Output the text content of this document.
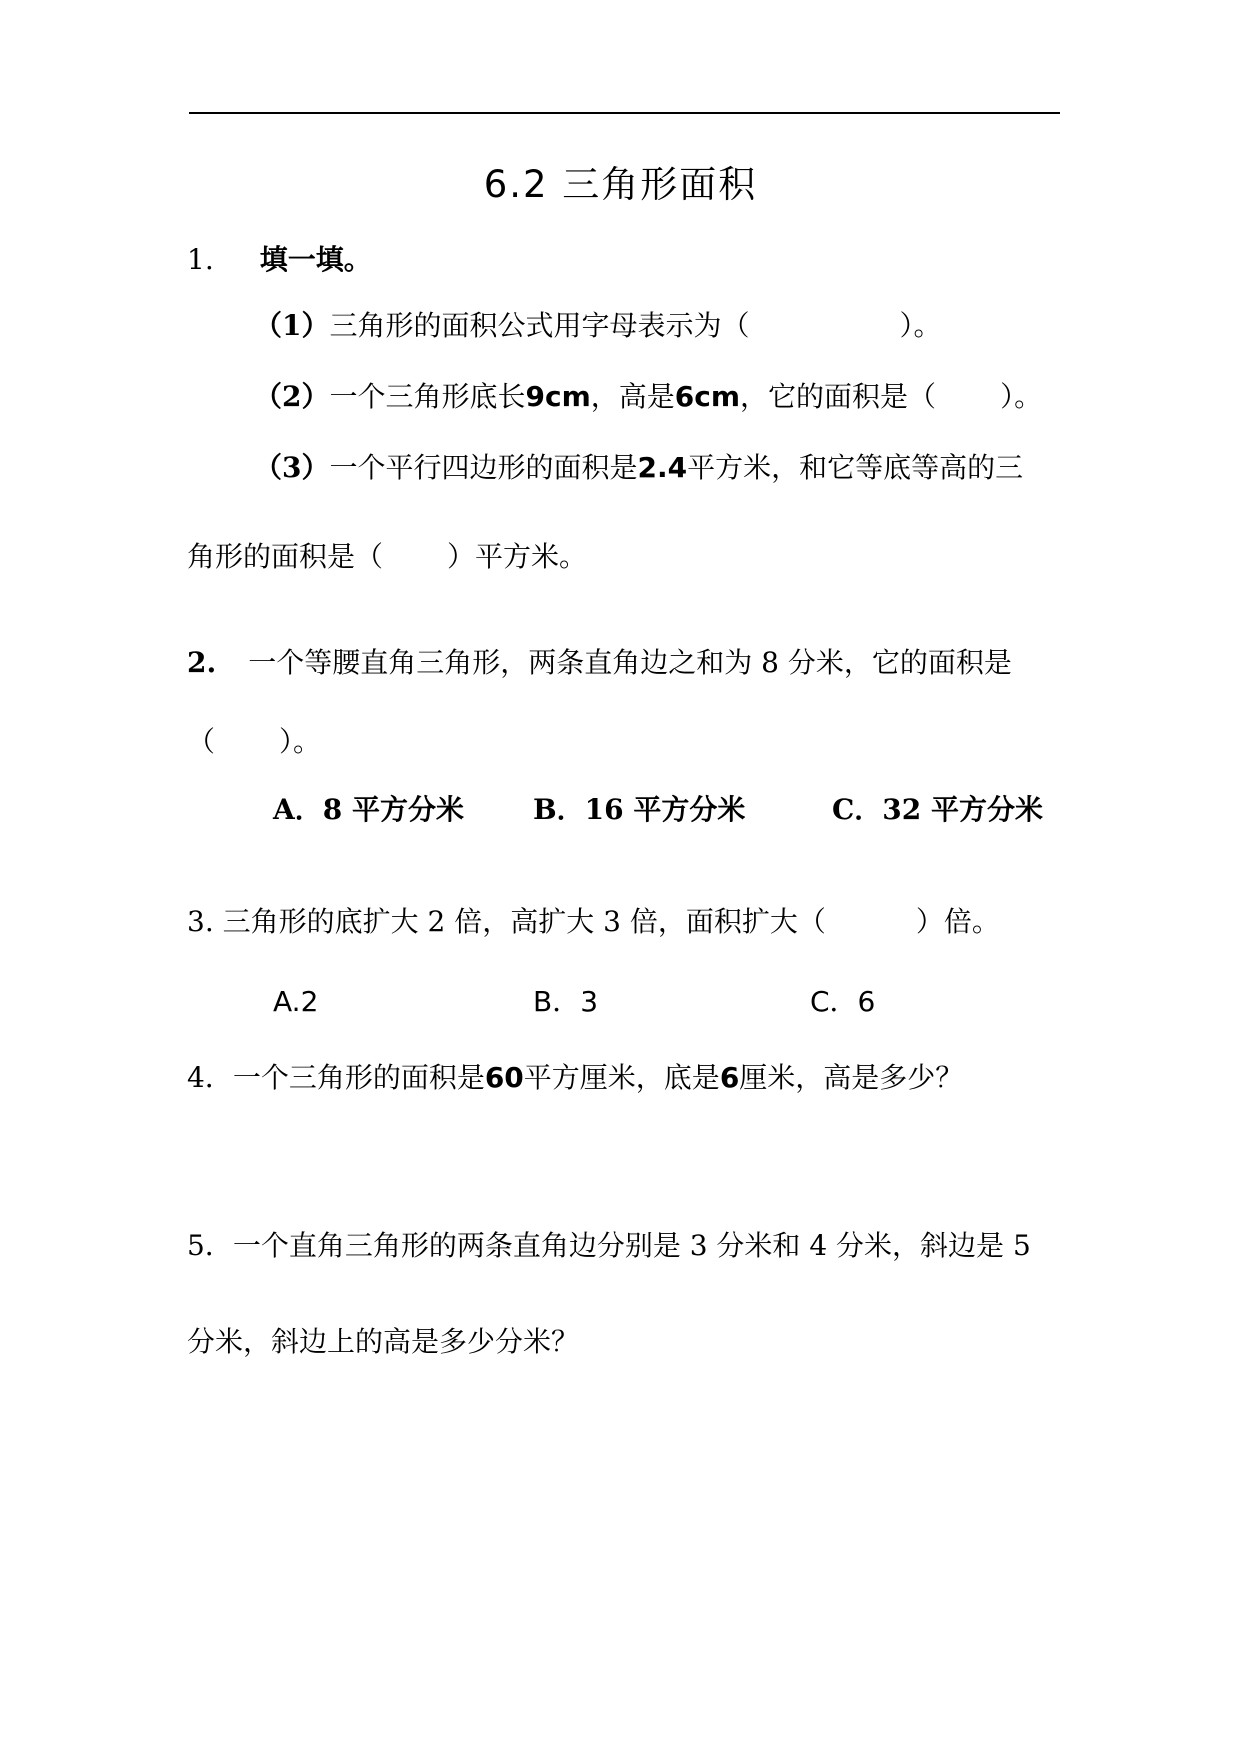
6.2 三角形面积
1. 填一填。
（1）三角形的面积公式用字母表示为（	）。
（2）一个三角形底长9cm，高是6cm，它的面积是（ ）。
（3）一个平行四边形的面积是2.4平方米，和它等底等高的三
角形的面积是（ ）平方米。
2. 一个等腰直角三角形，两条直角边之和为 8 分米，它的面积是
（ ）。
A．8 平方分米 B．16 平方分米	C．32 平方分米
3. 三角形的底扩大 2 倍，高扩大 3 倍，面积扩大（	）倍。
A.2	B．3	C．6
4．一个三角形的面积是60平方厘米，底是6厘米，高是多少？
5．一个直角三角形的两条直角边分别是 3 分米和 4 分米，斜边是 5
分米，斜边上的高是多少分米？
